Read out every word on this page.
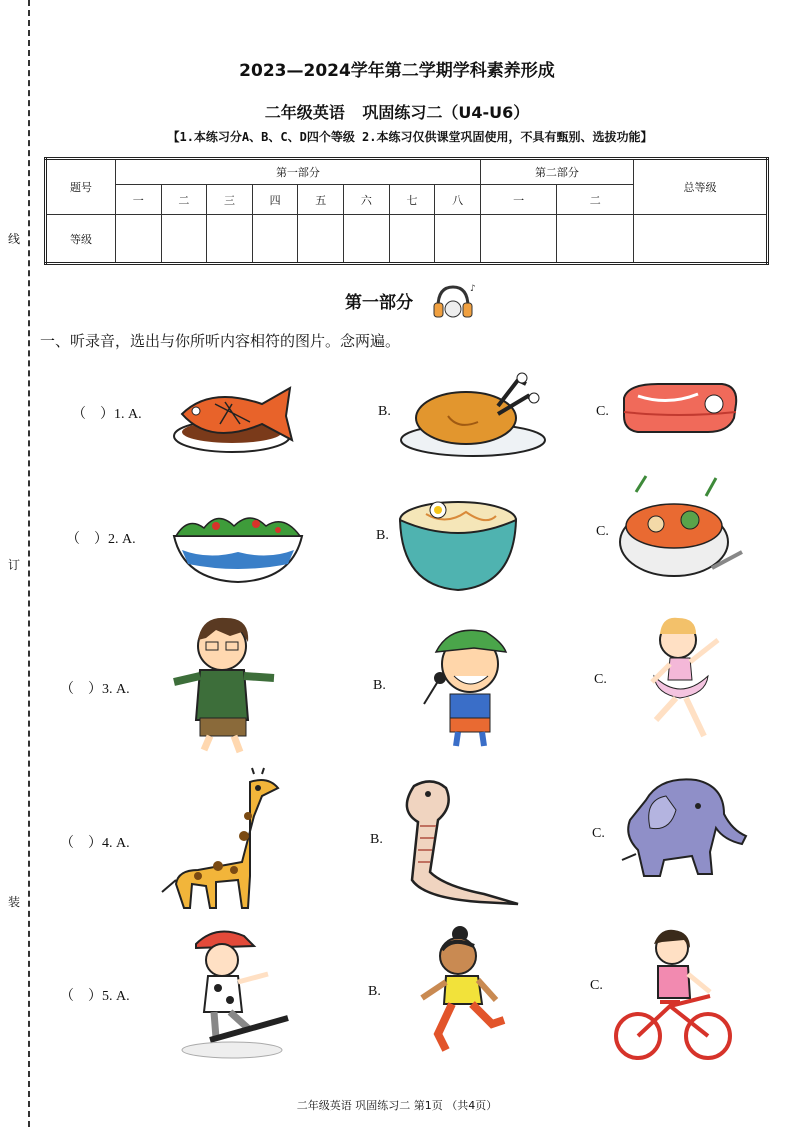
线
订
装
2023—2024学年第二学期学科素养形成
二年级英语 巩固练习二（U4-U6）
【1.本练习分A、B、C、D四个等级 2.本练习仅供课堂巩固使用，不具有甄别、选拔功能】
题号	第一部分								第二部分		总等级
	一	二	三	四	五	六	七	八	一	二	
等级											
第一部分
♪
一、听录音，选出与你所听内容相符的图片。念两遍。
（    ）1. A.	B.	C.
（    ）2. A.	B.	C.
（    ）3. A.	B.	C.
（    ）4. A.	B.	C.
（    ）5. A.	B.	C.
二年级英语 巩固练习二 第1页 （共4页）
